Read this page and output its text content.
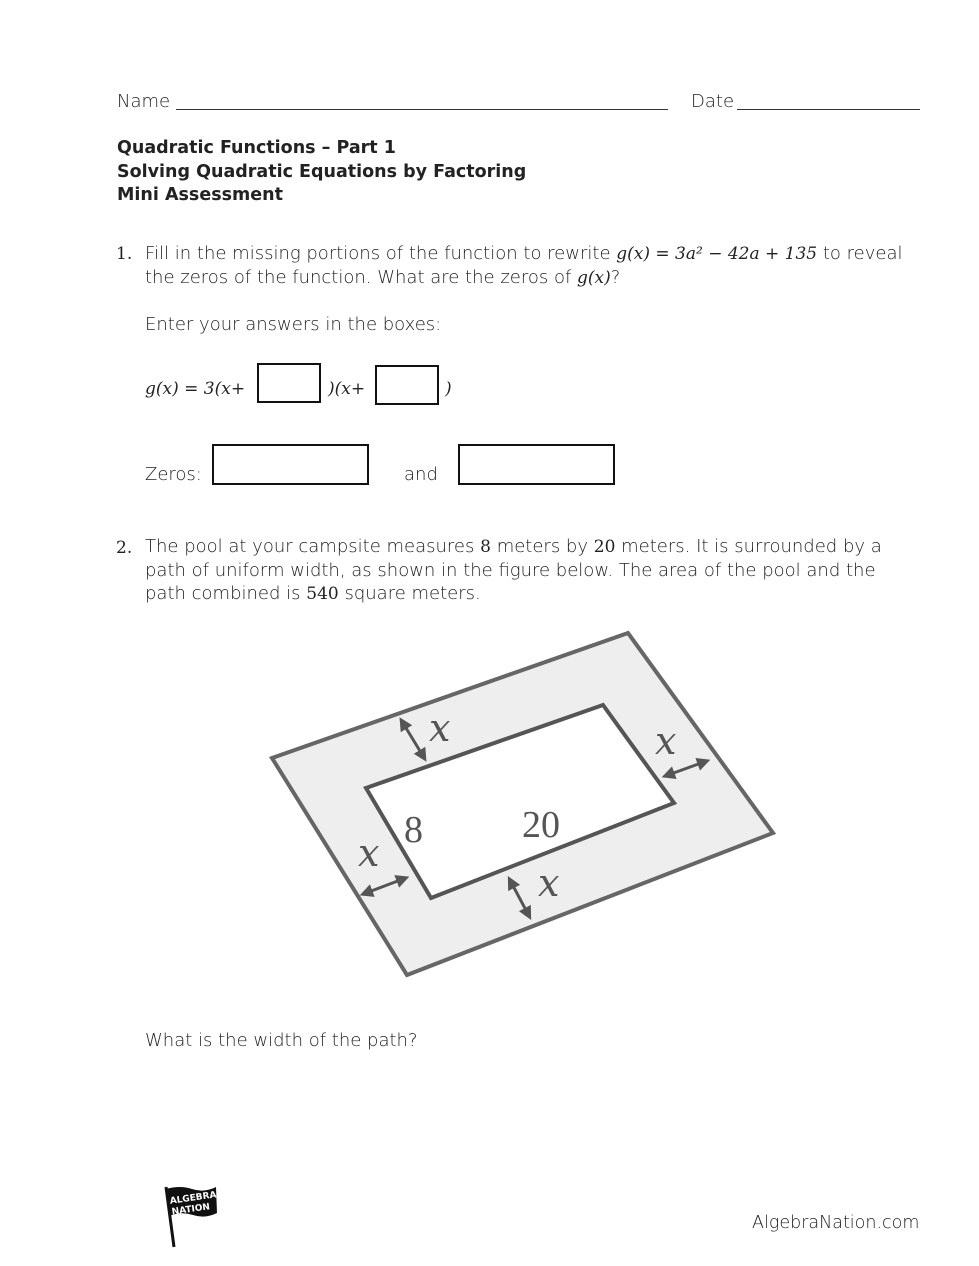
Name	Date
Quadratic Functions – Part 1
Solving Quadratic Equations by Factoring
Mini Assessment
1. Fill in the missing portions of the function to rewrite g(x) = 3a² − 42a + 135 to reveal
the zeros of the function. What are the zeros of g(x)?
Enter your answers in the boxes:
g(x) = 3(x+	)(x+	)
Zeros:	and
2. The pool at your campsite measures 8 meters by 20 meters. It is surrounded by a
path of uniform width, as shown in the figure below. The area of the pool and the
path combined is 540 square meters.
x	x
x
x
8	20
What is the width of the path?
ALGEBRA
NATION
AlgebraNation.com
